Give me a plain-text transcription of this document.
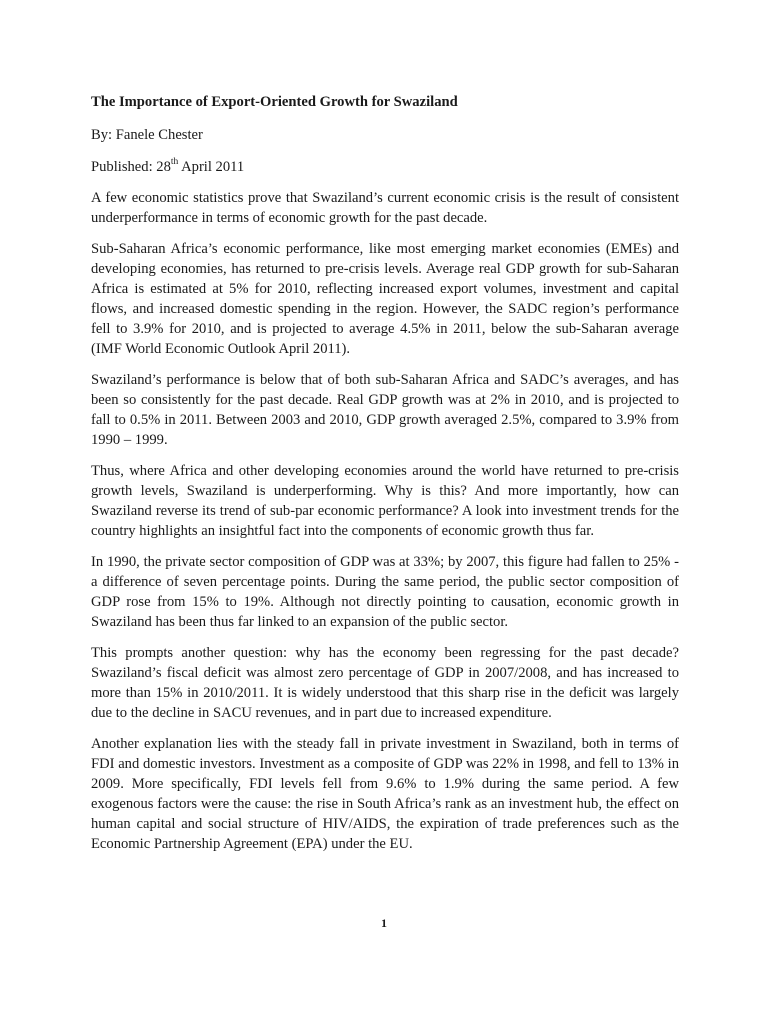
The Importance of Export-Oriented Growth for Swaziland
By: Fanele Chester
Published: 28th April 2011

A few economic statistics prove that Swaziland’s current economic crisis is the result of consistent underperformance in terms of economic growth for the past decade.

Sub-Saharan Africa’s economic performance, like most emerging market economies (EMEs) and developing economies, has returned to pre-crisis levels. Average real GDP growth for sub-Saharan Africa is estimated at 5% for 2010, reflecting increased export volumes, investment and capital flows, and increased domestic spending in the region. However, the SADC region’s performance fell to 3.9% for 2010, and is projected to average 4.5% in 2011, below the sub-Saharan average (IMF World Economic Outlook April 2011).

Swaziland’s performance is below that of both sub-Saharan Africa and SADC’s averages, and has been so consistently for the past decade. Real GDP growth was at 2% in 2010, and is projected to fall to 0.5% in 2011. Between 2003 and 2010, GDP growth averaged 2.5%, compared to 3.9% from 1990 – 1999.

Thus, where Africa and other developing economies around the world have returned to pre-crisis growth levels, Swaziland is underperforming. Why is this? And more importantly, how can Swaziland reverse its trend of sub-par economic performance? A look into investment trends for the country highlights an insightful fact into the components of economic growth thus far.

In 1990, the private sector composition of GDP was at 33%; by 2007, this figure had fallen to 25% - a difference of seven percentage points. During the same period, the public sector composition of GDP rose from 15% to 19%. Although not directly pointing to causation, economic growth in Swaziland has been thus far linked to an expansion of the public sector.

This prompts another question: why has the economy been regressing for the past decade? Swaziland’s fiscal deficit was almost zero percentage of GDP in 2007/2008, and has increased to more than 15% in 2010/2011. It is widely understood that this sharp rise in the deficit was largely due to the decline in SACU revenues, and in part due to increased expenditure.

Another explanation lies with the steady fall in private investment in Swaziland, both in terms of FDI and domestic investors. Investment as a composite of GDP was 22% in 1998, and fell to 13% in 2009. More specifically, FDI levels fell from 9.6% to 1.9% during the same period. A few exogenous factors were the cause: the rise in South Africa’s rank as an investment hub, the effect on human capital and social structure of HIV/AIDS, the expiration of trade preferences such as the Economic Partnership Agreement (EPA) under the EU.

1
